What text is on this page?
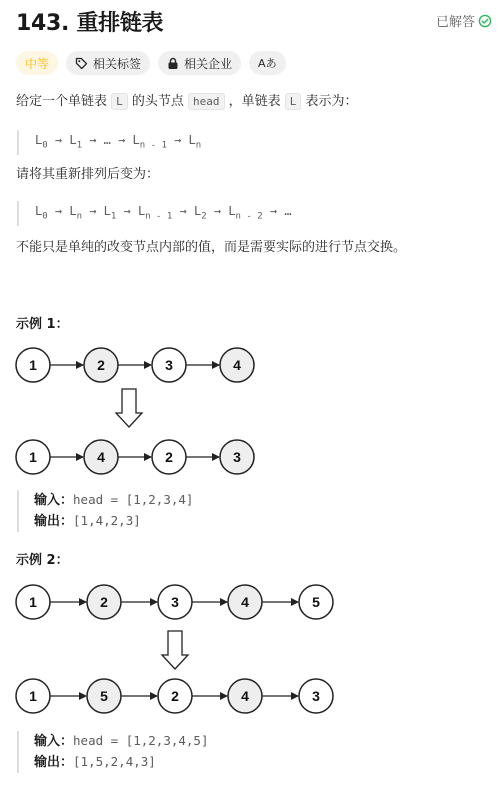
143. 重排链表	已解答
中等	相关标签	相关企业 Aあ
给定一个单链表 L 的头节点 head ，单链表 L 表示为：
$L_0 \to L_1$ → … → $L_{n - 1} \to L_n$
请将其重新排列后变为：
$L_0 \to L_n \to L_1 \to L_{n - 1} \to L_2 \to L_{n - 2}$ → …
不能只是单纯的改变节点内部的值，而是需要实际的进行节点交换。
示例 1：
1	2	3	4
1	4	2	3
输入：head = [1,2,3,4]
输出：[1,4,2,3]
示例 2：
1	2	3	4	5
1	5	2	4	3
输入：head = [1,2,3,4,5]
输出：[1,5,2,4,3]
